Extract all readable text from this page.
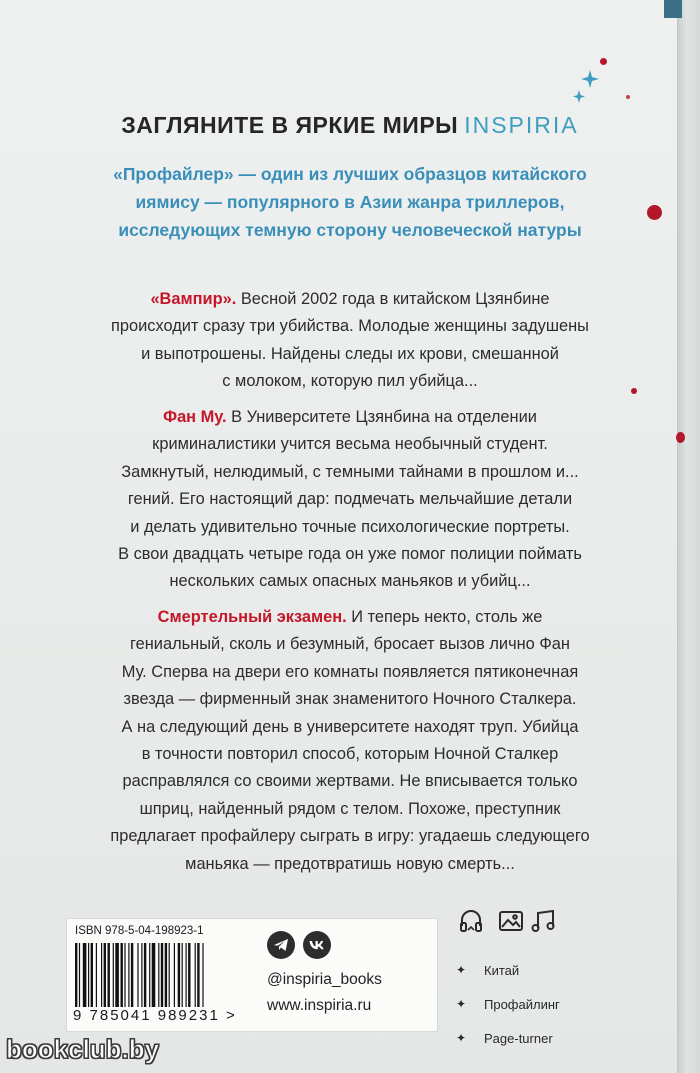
ЗАГЛЯНИТЕ В ЯРКИЕ МИРЫ INSPIRIA
«Профайлер» — один из лучших образцов китайского
иямису — популярного в Азии жанра триллеров,
исследующих темную сторону человеческой натуры
«Вампир». Весной 2002 года в китайском Цзянбине
происходит сразу три убийства. Молодые женщины задушены
и выпотрошены. Найдены следы их крови, смешанной
с молоком, которую пил убийца...
Фан Му. В Университете Цзянбина на отделении
криминалистики учится весьма необычный студент.
Замкнутый, нелюдимый, с темными тайнами в прошлом и...
гений. Его настоящий дар: подмечать мельчайшие детали
и делать удивительно точные психологические портреты.
В свои двадцать четыре года он уже помог полиции поймать
нескольких самых опасных маньяков и убийц...
Смертельный экзамен. И теперь некто, столь же
гениальный, сколь и безумный, бросает вызов лично Фан
Му. Сперва на двери его комнаты появляется пятиконечная
звезда — фирменный знак знаменитого Ночного Сталкера.
А на следующий день в университете находят труп. Убийца
в точности повторил способ, которым Ночной Сталкер
расправлялся со своими жертвами. Не вписывается только
шприц, найденный рядом с телом. Похоже, преступник
предлагает профайлеру сыграть в игру: угадаешь следующего
маньяка — предотвратишь новую смерть...
ISBN 978-5-04-198923-1
9 785041 989231 >
@inspiria_books
www.inspiria.ru
✦	Китай
✦	Профайлинг
✦	Page-turner
bookclub.by
